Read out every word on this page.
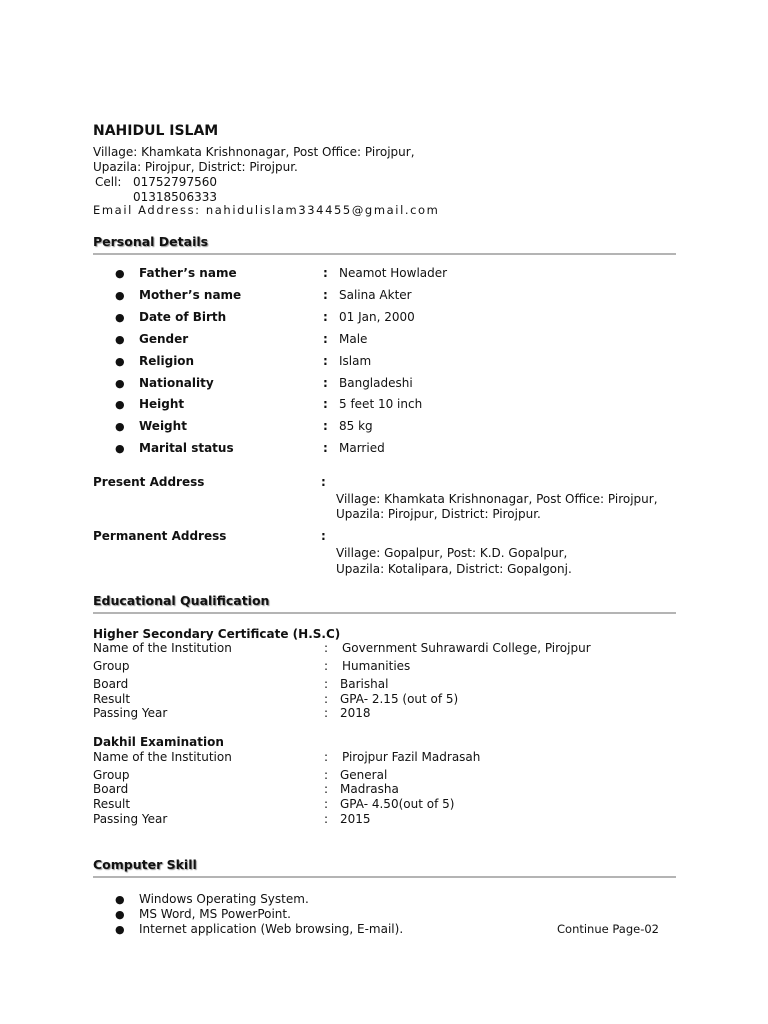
NAHIDUL ISLAM
Village: Khamkata Krishnonagar, Post Office: Pirojpur,
Upazila: Pirojpur, District: Pirojpur.
Cell: 01752797560
01318506333
Email Address: nahidulislam334455@gmail.com
Personal Details
● Father’s name	: Neamot Howlader
● Mother’s name	: Salina Akter
● Date of Birth	: 01 Jan, 2000
● Gender	: Male
● Religion	: Islam
● Nationality	: Bangladeshi
● Height	: 5 feet 10 inch
● Weight	: 85 kg
● Marital status	: Married
Present Address	:
Village: Khamkata Krishnonagar, Post Office: Pirojpur,
Upazila: Pirojpur, District: Pirojpur.
Permanent Address	:
Village: Gopalpur, Post: K.D. Gopalpur,
Upazila: Kotalipara, District: Gopalgonj.
Educational Qualification
Higher Secondary Certificate (H.S.C)
Name of the Institution	: Government Suhrawardi College, Pirojpur
Group	: Humanities
Board	: Barishal
Result	: GPA- 2.15 (out of 5)
Passing Year	: 2018
Dakhil Examination
Name of the Institution	: Pirojpur Fazil Madrasah
Group	: General
Board	: Madrasha
Result	: GPA- 4.50(out of 5)
Passing Year	: 2015
Computer Skill
● Windows Operating System.
● MS Word, MS PowerPoint.
● Internet application (Web browsing, E-mail).	Continue Page-02
